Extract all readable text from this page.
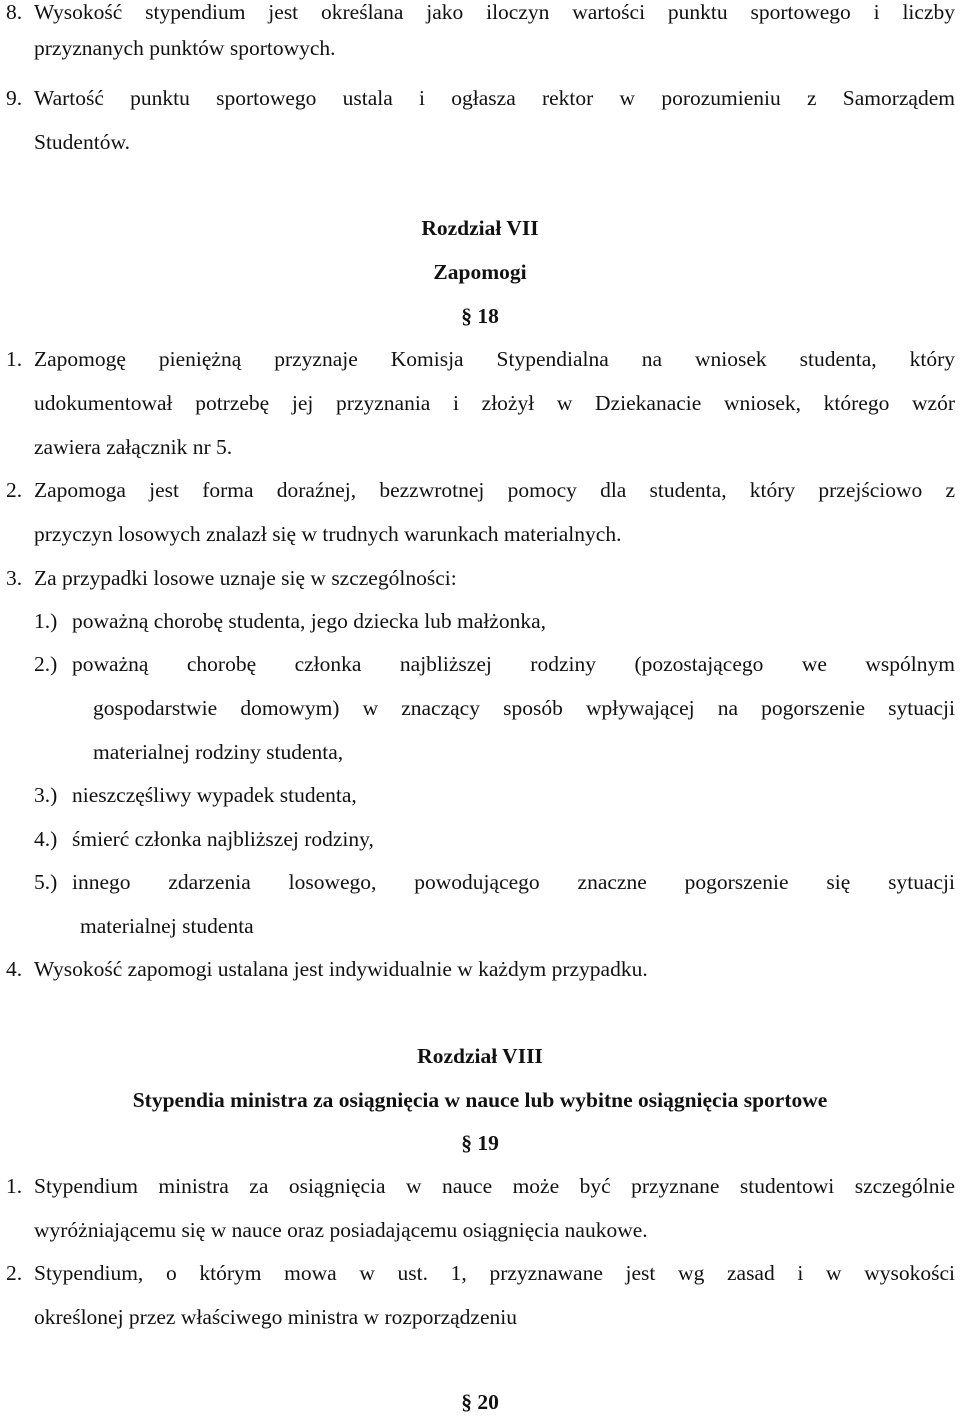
8. Wysokość stypendium jest określana jako iloczyn wartości punktu sportowego i liczby
przyznanych punktów sportowych.
9. Wartość punktu sportowego ustala i ogłasza rektor w porozumieniu z Samorządem
Studentów.
Rozdział VII
Zapomogi
§ 18
1. Zapomogę pieniężną przyznaje Komisja Stypendialna na wniosek studenta, który
udokumentował potrzebę jej przyznania i złożył w Dziekanacie wniosek, którego wzór
zawiera załącznik nr 5.
2. Zapomoga jest forma doraźnej, bezzwrotnej pomocy dla studenta, który przejściowo z
przyczyn losowych znalazł się w trudnych warunkach materialnych.
3. Za przypadki losowe uznaje się w szczególności:
1.) poważną chorobę studenta, jego dziecka lub małżonka,
2.) poważną chorobę członka najbliższej rodziny (pozostającego we wspólnym
gospodarstwie domowym) w znaczący sposób wpływającej na pogorszenie sytuacji
materialnej rodziny studenta,
3.) nieszczęśliwy wypadek studenta,
4.) śmierć członka najbliższej rodziny,
5.) innego zdarzenia losowego, powodującego znaczne pogorszenie się sytuacji
materialnej studenta
4. Wysokość zapomogi ustalana jest indywidualnie w każdym przypadku.
Rozdział VIII
Stypendia ministra za osiągnięcia w nauce lub wybitne osiągnięcia sportowe
§ 19
1. Stypendium ministra za osiągnięcia w nauce może być przyznane studentowi szczególnie
wyróżniającemu się w nauce oraz posiadającemu osiągnięcia naukowe.
2. Stypendium, o którym mowa w ust. 1, przyznawane jest wg zasad i w wysokości
określonej przez właściwego ministra w rozporządzeniu
§ 20
